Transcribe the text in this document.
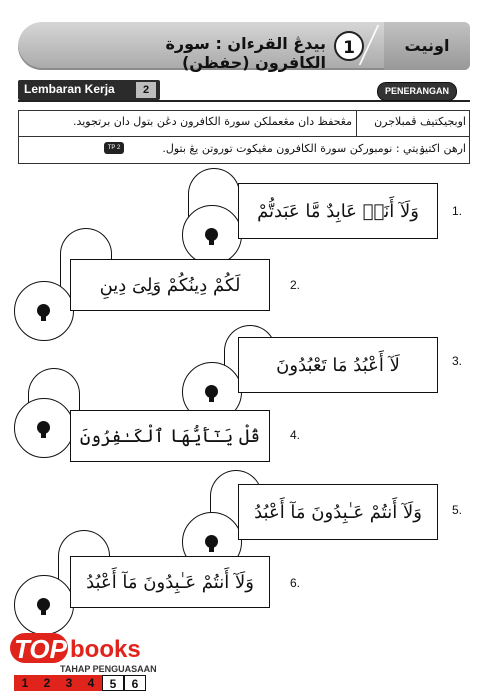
بيدڠ القرءان : سورة الكافرون (حفظن)
1	اونيت
Lembaran Kerja	2	PENERANGAN
اوبجيکتيف ڤمبلاجرن
مڠحفظ دان مڠعملکن سورة الكافرون دڠن بتول دان برتجويد.
ارهن اکتيۏيتي : نومبورکن سورة الكافرون مڠيکوت توروتن يڠ بتول.
TP 2
وَلَآ أَنَا۠ عَابِدٌ مَّا عَبَدتُّمْ	1.
لَكُمْ دِينُكُمْ وَلِىَ دِينِ	2.
لَآ أَعْبُدُ مَا تَعْبُدُونَ	3.
قُلْ يَـٰٓأَيُّهَا ٱلْكَـٰفِرُونَ	4.
وَلَآ أَنتُمْ عَـٰبِدُونَ مَآ أَعْبُدُ	5.
وَلَآ أَنتُمْ عَـٰبِدُونَ مَآ أَعْبُدُ	6.
TOP books
TAHAP PENGUASAAN
1	2	3	4	5	6
